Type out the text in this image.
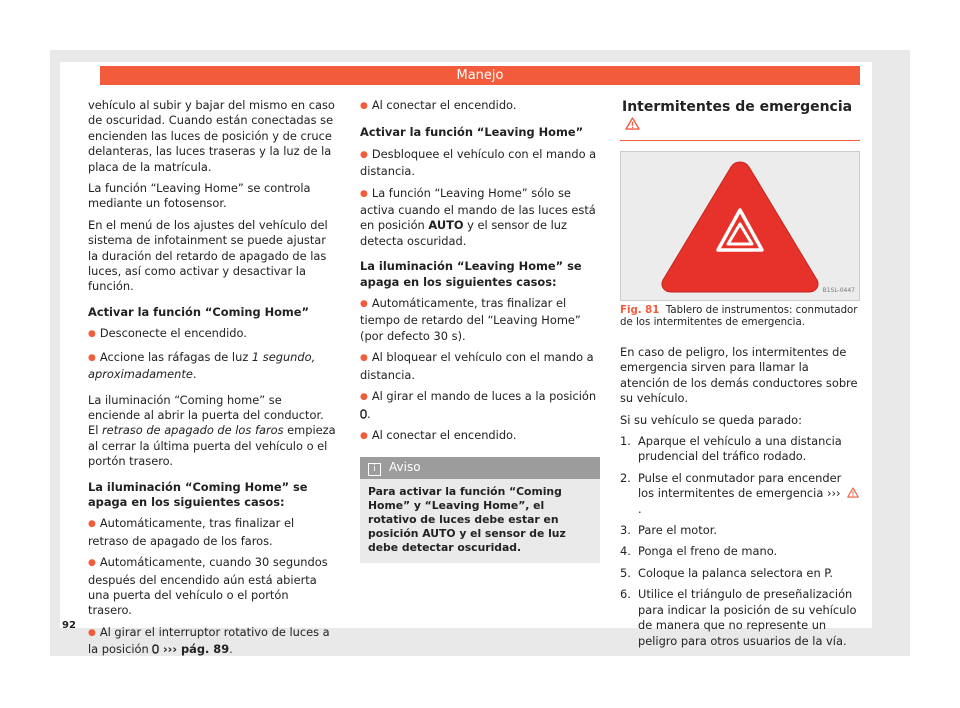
Manejo

vehículo al subir y bajar del mismo en caso de oscuridad. Cuando están conectadas se encienden las luces de posición y de cruce delanteras, las luces traseras y la luz de la placa de la matrícula.

La función “Leaving Home” se controla mediante un fotosensor.

En el menú de los ajustes del vehículo del sistema de infotainment se puede ajustar la duración del retardo de apagado de las luces, así como activar y desactivar la función.

Activar la función “Coming Home”

● Desconecte el encendido.

● Accione las ráfagas de luz 1 segundo, aproximadamente.

La iluminación “Coming home” se enciende al abrir la puerta del conductor. El retraso de apagado de los faros empieza al cerrar la última puerta del vehículo o el portón trasero.

La iluminación “Coming Home” se apaga en los siguientes casos:

● Automáticamente, tras finalizar el retraso de apagado de los faros.

● Automáticamente, cuando 30 segundos después del encendido aún está abierta una puerta del vehículo o el portón trasero.

● Al girar el interruptor rotativo de luces a la posición  ››› pág. 89.

● Al conectar el encendido.

Activar la función “Leaving Home”

● Desbloquee el vehículo con el mando a distancia.

● La función “Leaving Home” sólo se activa cuando el mando de las luces está en posición AUTO y el sensor de luz detecta oscuridad.

La iluminación “Leaving Home” se apaga en los siguientes casos:

● Automáticamente, tras finalizar el tiempo de retardo del “Leaving Home” (por defecto 30 s).

● Al bloquear el vehículo con el mando a distancia.

● Al girar el mando de luces a la posición .

● Al conectar el encendido.

i Aviso
Para activar la función “Coming Home” y “Leaving Home”, el rotativo de luces debe estar en posición AUTO y el sensor de luz debe detectar oscuridad.
Intermitentes de emergencia
B1SL-0447
Fig. 81 Tablero de instrumentos: conmutador de los intermitentes de emergencia.

En caso de peligro, los intermitentes de emergencia sirven para llamar la atención de los demás conductores sobre su vehículo.

Si su vehículo se queda parado:

1. Aparque el vehículo a una distancia prudencial del tráfico rodado.
2. Pulse el conmutador para encender los intermitentes de emergencia ››› .
3. Pare el motor.
4. Ponga el freno de mano.
5. Coloque la palanca selectora en P.
6. Utilice el triángulo de preseñalización para indicar la posición de su vehículo de manera que no represente un peligro para otros usuarios de la vía.
92
